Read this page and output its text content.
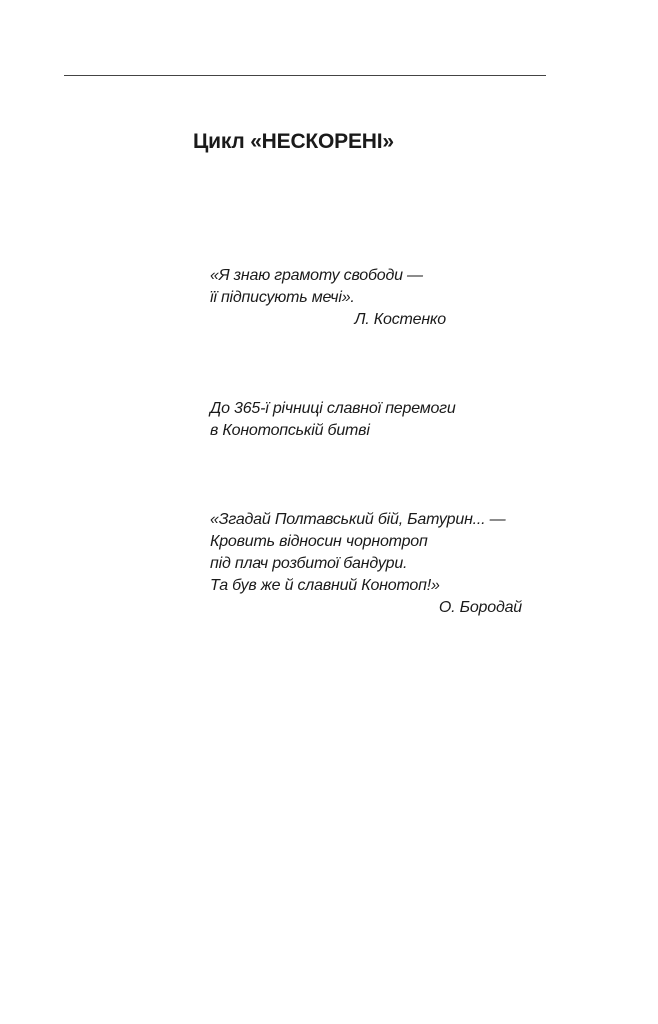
Цикл «НЕСКОРЕНІ»
«Я знаю грамоту свободи —
її підписують мечі».
Л. Костенко
До 365-ї річниці славної перемоги
в Конотопській битві
«Згадай Полтавський бій, Батурин... —
Кровить відносин чорнотроп
під плач розбитої бандури.
Та був же й славний Конотоп!»
О. Бородай
